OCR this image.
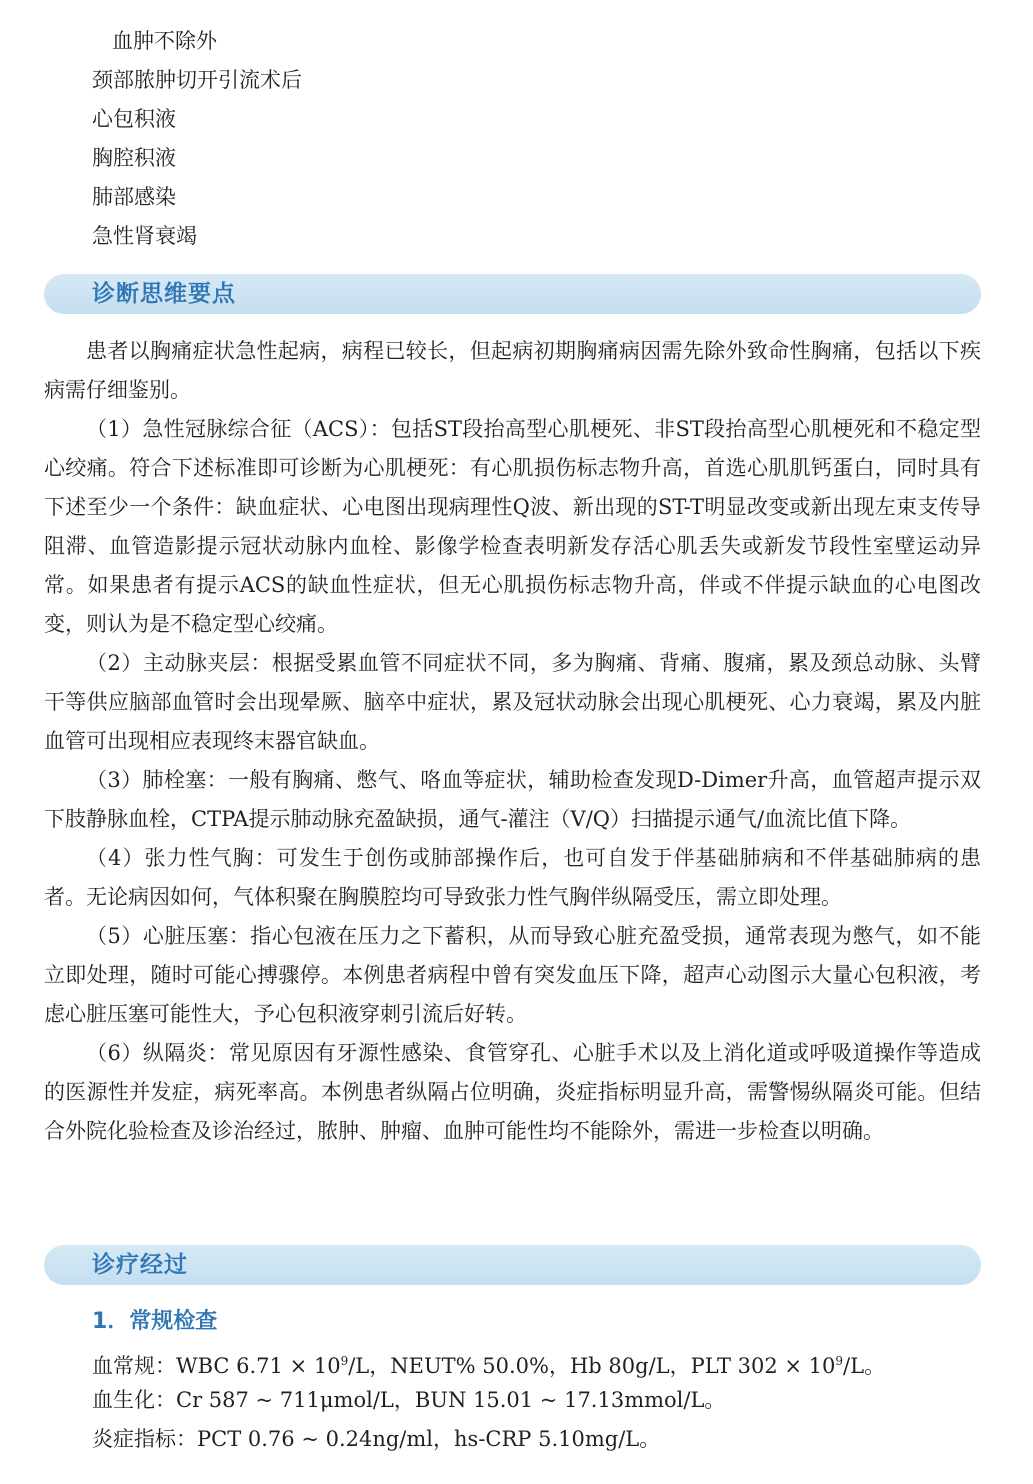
血肿不除外
颈部脓肿切开引流术后
心包积液
胸腔积液
肺部感染
急性肾衰竭
诊断思维要点

患者以胸痛症状急性起病，病程已较长，但起病初期胸痛病因需先除外致命性胸痛，包括以下疾病需仔细鉴别。

（1）急性冠脉综合征（ACS）：包括ST段抬高型心肌梗死、非ST段抬高型心肌梗死和不稳定型心绞痛。符合下述标准即可诊断为心肌梗死：有心肌损伤标志物升高，首选心肌肌钙蛋白，同时具有下述至少一个条件：缺血症状、心电图出现病理性Q波、新出现的ST-T明显改变或新出现左束支传导阻滞、血管造影提示冠状动脉内血栓、影像学检查表明新发存活心肌丢失或新发节段性室壁运动异常。如果患者有提示ACS的缺血性症状，但无心肌损伤标志物升高，伴或不伴提示缺血的心电图改变，则认为是不稳定型心绞痛。

（2）主动脉夹层：根据受累血管不同症状不同，多为胸痛、背痛、腹痛，累及颈总动脉、头臂干等供应脑部血管时会出现晕厥、脑卒中症状，累及冠状动脉会出现心肌梗死、心力衰竭，累及内脏血管可出现相应表现终末器官缺血。

（3）肺栓塞：一般有胸痛、憋气、咯血等症状，辅助检查发现D-Dimer升高，血管超声提示双下肢静脉血栓，CTPA提示肺动脉充盈缺损，通气-灌注（V/Q）扫描提示通气/血流比值下降。

（4）张力性气胸：可发生于创伤或肺部操作后，也可自发于伴基础肺病和不伴基础肺病的患者。无论病因如何，气体积聚在胸膜腔均可导致张力性气胸伴纵隔受压，需立即处理。

（5）心脏压塞：指心包液在压力之下蓄积，从而导致心脏充盈受损，通常表现为憋气，如不能立即处理，随时可能心搏骤停。本例患者病程中曾有突发血压下降，超声心动图示大量心包积液，考虑心脏压塞可能性大，予心包积液穿刺引流后好转。

（6）纵隔炎：常见原因有牙源性感染、食管穿孔、心脏手术以及上消化道或呼吸道操作等造成的医源性并发症，病死率高。本例患者纵隔占位明确，炎症指标明显升高，需警惕纵隔炎可能。但结合外院化验检查及诊治经过，脓肿、肿瘤、血肿可能性均不能除外，需进一步检查以明确。

诊疗经过
1．常规检查
血常规：WBC $6.71 \times 10^9/L$，NEUT% 50.0%，Hb 80g/L，PLT $302 \times 10^9/L$。
血生化：Cr 587 ~ 711μmol/L，BUN 15.01 ~ 17.13mmol/L。
炎症指标：PCT 0.76 ~ 0.24ng/ml，hs-CRP 5.10mg/L。
